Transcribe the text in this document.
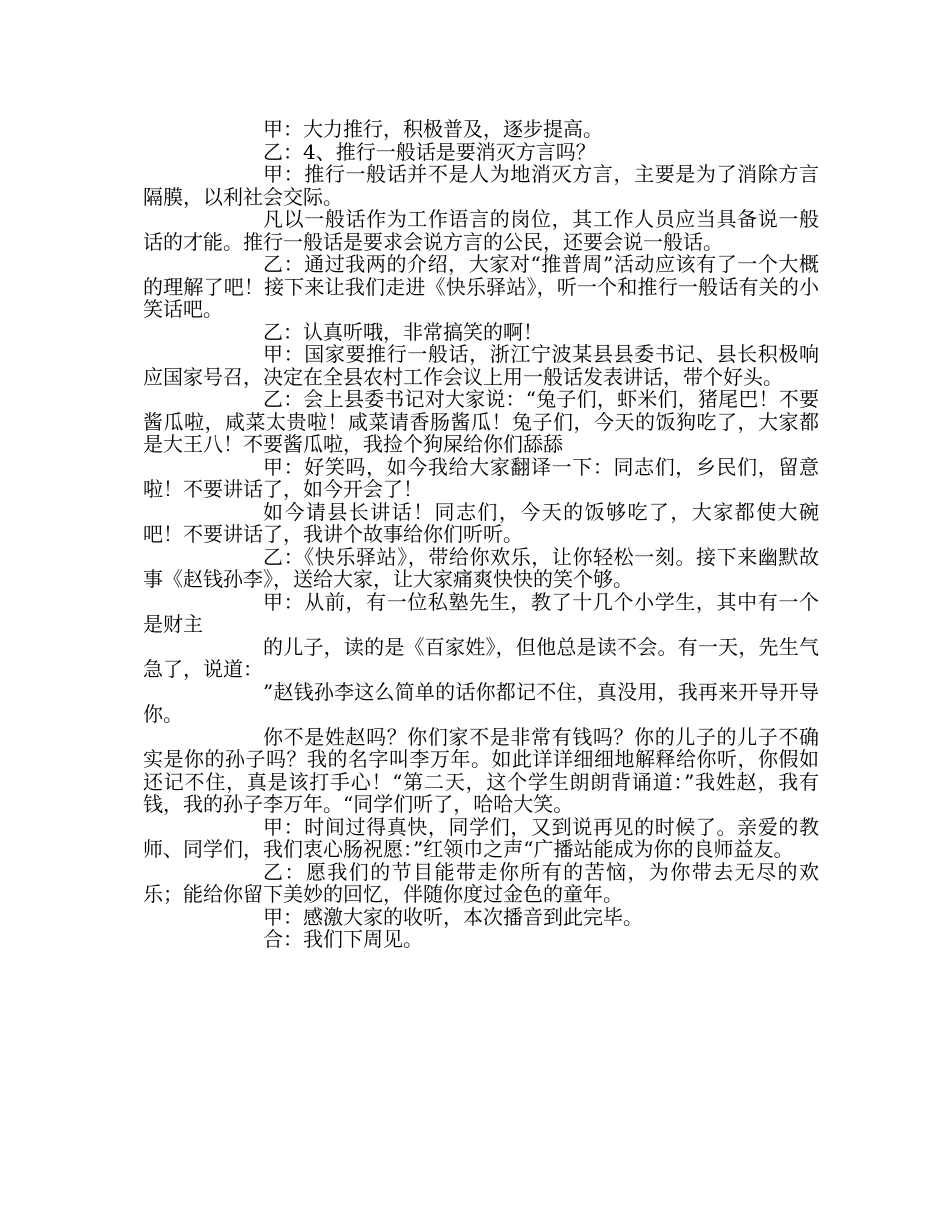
甲：大力推行，积极普及，逐步提高。

乙：4、推行一般话是要消灭方言吗？

甲：推行一般话并不是人为地消灭方言，主要是为了消除方言隔膜，以利社会交际。

凡以一般话作为工作语言的岗位，其工作人员应当具备说一般话的才能。推行一般话是要求会说方言的公民，还要会说一般话。

乙：通过我两的介绍，大家对“推普周”活动应该有了一个大概的理解了吧！接下来让我们走进《快乐驿站》，听一个和推行一般话有关的小笑话吧。

乙：认真听哦，非常搞笑的啊！

甲：国家要推行一般话，浙江宁波某县县委书记、县长积极响应国家号召，决定在全县农村工作会议上用一般话发表讲话，带个好头。

乙：会上县委书记对大家说：“兔子们，虾米们，猪尾巴！不要酱瓜啦，咸菜太贵啦！咸菜请香肠酱瓜！兔子们，今天的饭狗吃了，大家都是大王八！不要酱瓜啦，我捡个狗屎给你们舔舔

甲：好笑吗，如今我给大家翻译一下：同志们，乡民们，留意啦！不要讲话了，如今开会了！

如今请县长讲话！同志们，今天的饭够吃了，大家都使大碗吧！不要讲话了，我讲个故事给你们听听。

乙：《快乐驿站》，带给你欢乐，让你轻松一刻。接下来幽默故事《赵钱孙李》，送给大家，让大家痛爽快快的笑个够。

甲：从前，有一位私塾先生，教了十几个小学生，其中有一个是财主

的儿子，读的是《百家姓》，但他总是读不会。有一天，先生气急了，说道：

”赵钱孙李这么简单的话你都记不住，真没用，我再来开导开导你。

你不是姓赵吗？你们家不是非常有钱吗？你的儿子的儿子不确实是你的孙子吗？我的名字叫李万年。如此详详细细地解释给你听，你假如还记不住，真是该打手心！“第二天，这个学生朗朗背诵道：”我姓赵，我有钱，我的孙子李万年。“同学们听了，哈哈大笑。

甲：时间过得真快，同学们，又到说再见的时候了。亲爱的教师、同学们，我们衷心肠祝愿：”红领巾之声“广播站能成为你的良师益友。

乙：愿我们的节目能带走你所有的苦恼，为你带去无尽的欢乐；能给你留下美妙的回忆，伴随你度过金色的童年。

甲：感激大家的收听，本次播音到此完毕。

合：我们下周见。
